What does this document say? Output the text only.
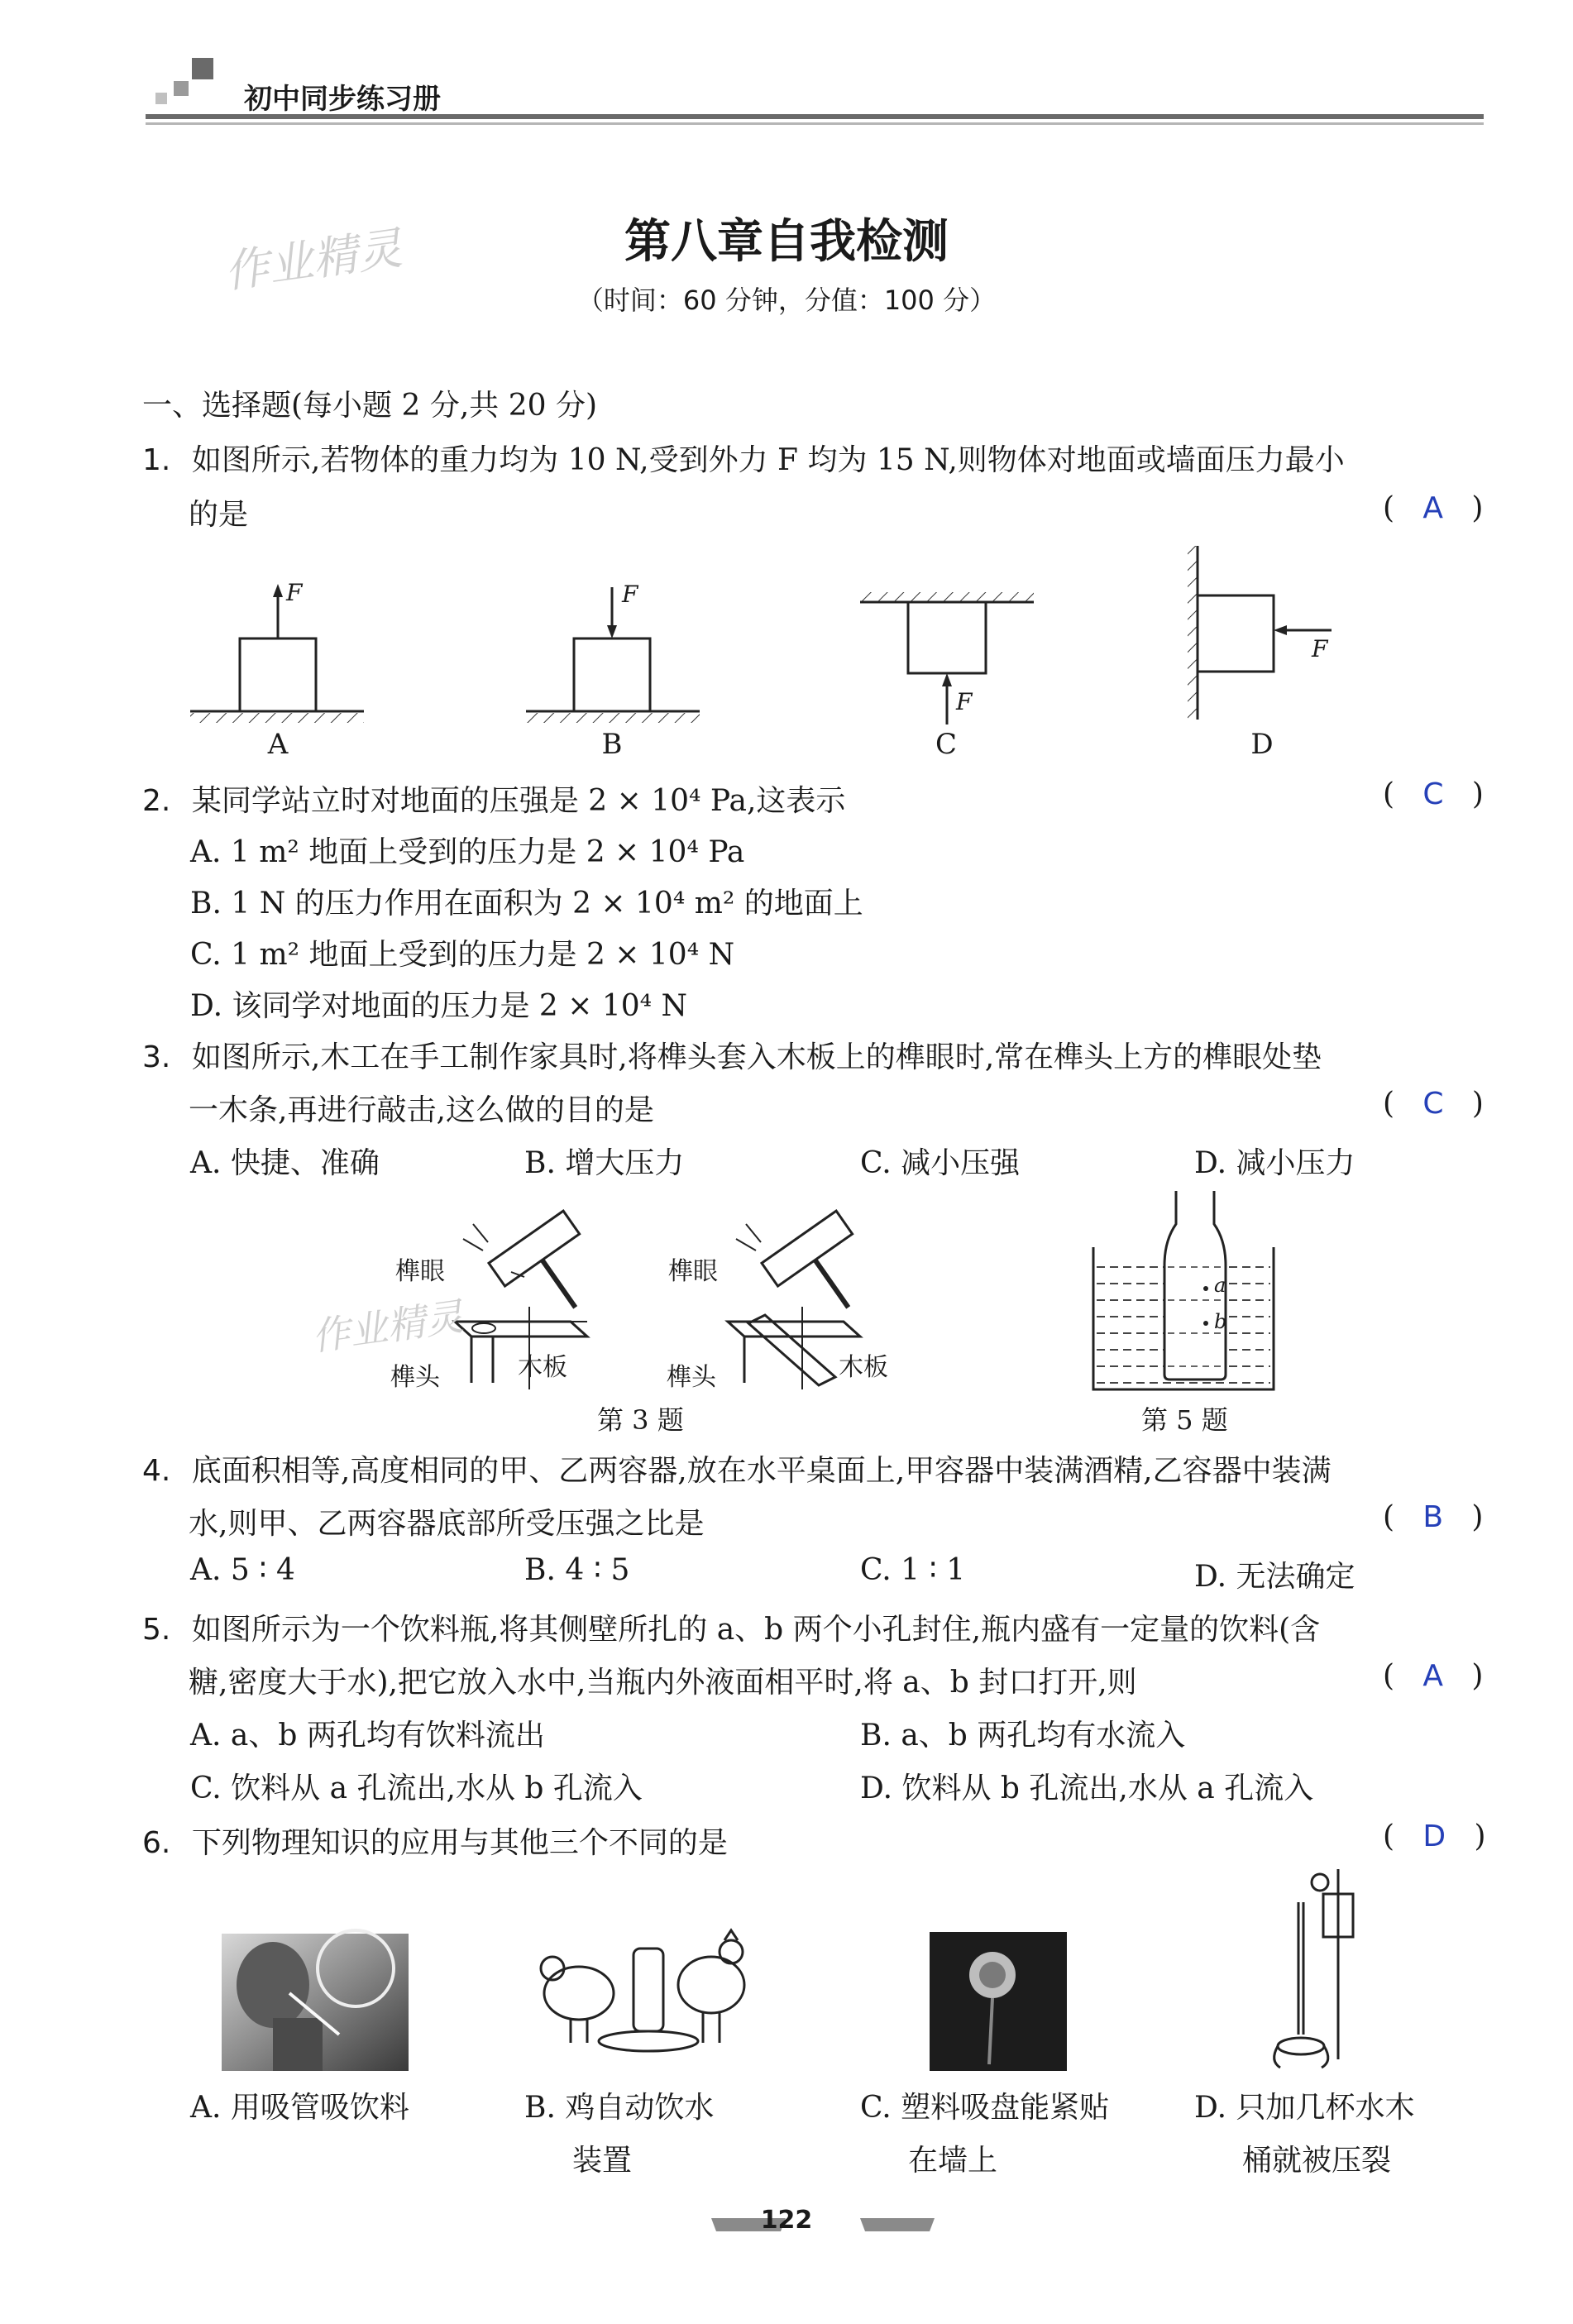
初中同步练习册
作业精灵	第八章自我检测
（时间：60 分钟，分值：100 分）
一、选择题(每小题 2 分,共 20 分)
1. 如图所示,若物体的重力均为 10 N,受到外力 F 均为 15 N,则物体对地面或墙面压力最小
的是	(   A   )
F	F
F
F
A	B	C	D
2. 某同学站立时对地面的压强是 2 × 10⁴ Pa,这表示	(   C   )
A. 1 m² 地面上受到的压力是 2 × 10⁴ Pa
B. 1 N 的压力作用在面积为 2 × 10⁴ m² 的地面上
C. 1 m² 地面上受到的压力是 2 × 10⁴ N
D. 该同学对地面的压力是 2 × 10⁴ N
3. 如图所示,木工在手工制作家具时,将榫头套入木板上的榫眼时,常在榫头上方的榫眼处垫
一木条,再进行敲击,这么做的目的是	(   C   )
A. 快捷、准确	B. 增大压力	C. 减小压强	D. 减小压力
榫眼	榫眼
榫头	榫头
木板	木板
a
b
作业精灵
第 3 题	第 5 题
4. 底面积相等,高度相同的甲、乙两容器,放在水平桌面上,甲容器中装满酒精,乙容器中装满
水,则甲、乙两容器底部所受压强之比是	(   B   )
A. 5 ∶ 4	B. 4 ∶ 5	C. 1 ∶ 1	D. 无法确定
5. 如图所示为一个饮料瓶,将其侧壁所扎的 a、b 两个小孔封住,瓶内盛有一定量的饮料(含
糖,密度大于水),把它放入水中,当瓶内外液面相平时,将 a、b 封口打开,则	(   A   )
A. a、b 两孔均有饮料流出	B. a、b 两孔均有水流入
C. 饮料从 a 孔流出,水从 b 孔流入	D. 饮料从 b 孔流出,水从 a 孔流入
6. 下列物理知识的应用与其他三个不同的是	(   D   )
A. 用吸管吸饮料	B. 鸡自动饮水
装置
C. 塑料吸盘能紧贴
在墙上
D. 只加几杯水木
桶就被压裂
122
